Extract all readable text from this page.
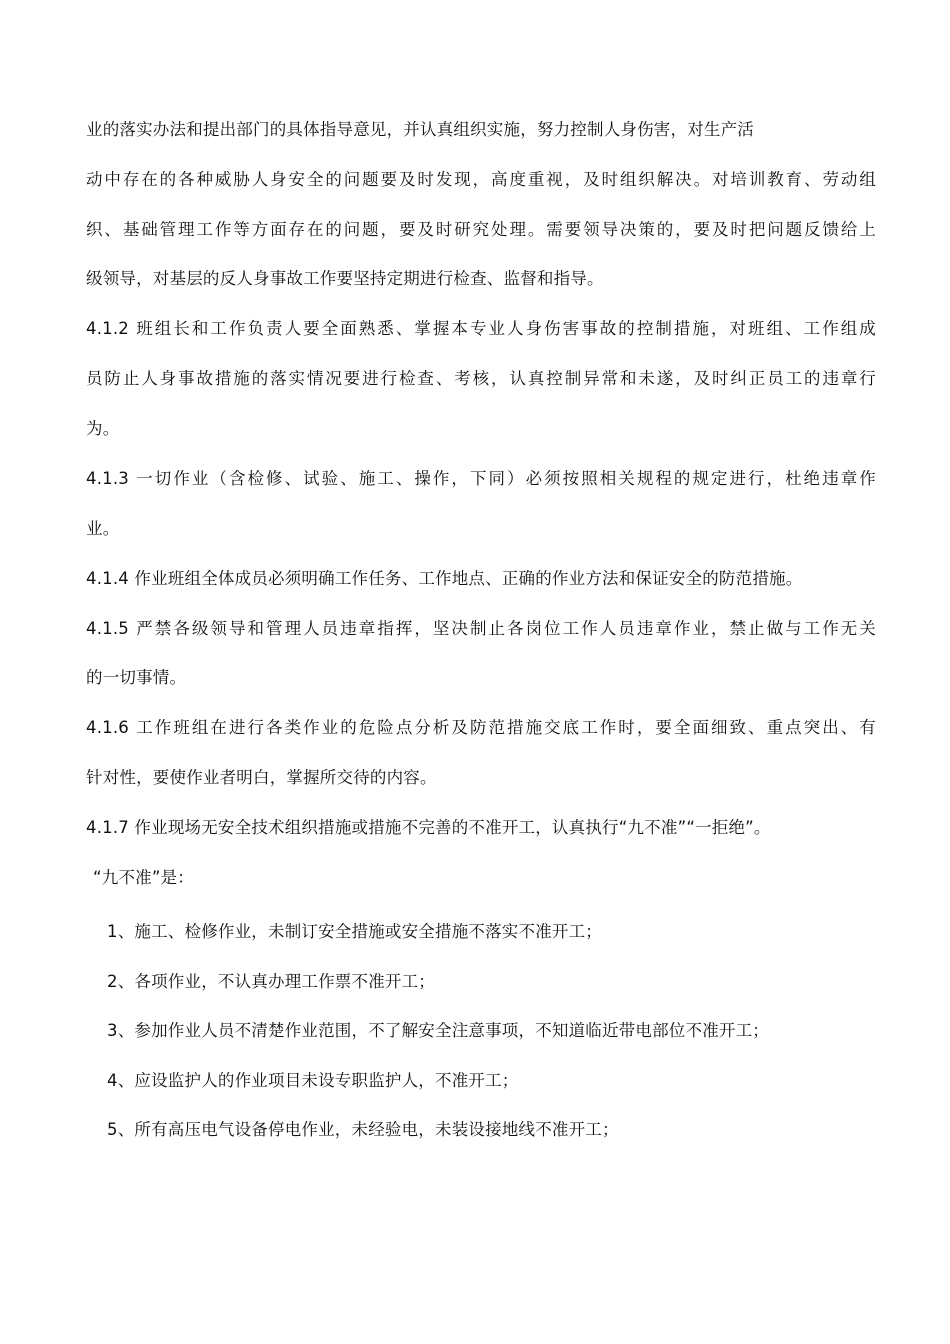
业的落实办法和提出部门的具体指导意见，并认真组织实施，努力控制人身伤害，对生产活
动中存在的各种威胁人身安全的问题要及时发现，高度重视，及时组织解决。对培训教育、劳动组
织、基础管理工作等方面存在的问题，要及时研究处理。需要领导决策的，要及时把问题反馈给上
级领导，对基层的反人身事故工作要坚持定期进行检查、监督和指导。
4.1.2 班组长和工作负责人要全面熟悉、掌握本专业人身伤害事故的控制措施，对班组、工作组成
员防止人身事故措施的落实情况要进行检查、考核，认真控制异常和未遂，及时纠正员工的违章行
为。
4.1.3 一切作业（含检修、试验、施工、操作，下同）必须按照相关规程的规定进行，杜绝违章作
业。
4.1.4 作业班组全体成员必须明确工作任务、工作地点、正确的作业方法和保证安全的防范措施。
4.1.5 严禁各级领导和管理人员违章指挥，坚决制止各岗位工作人员违章作业，禁止做与工作无关
的一切事情。
4.1.6 工作班组在进行各类作业的危险点分析及防范措施交底工作时，要全面细致、重点突出、有
针对性，要使作业者明白，掌握所交待的内容。
4.1.7 作业现场无安全技术组织措施或措施不完善的不准开工，认真执行“九不准”“一拒绝”。
“九不准”是：
1、施工、检修作业，未制订安全措施或安全措施不落实不准开工；
2、各项作业，不认真办理工作票不准开工；
3、参加作业人员不清楚作业范围，不了解安全注意事项，不知道临近带电部位不准开工；
4、应设监护人的作业项目未设专职监护人，不准开工；
5、所有高压电气设备停电作业，未经验电，未装设接地线不准开工；
